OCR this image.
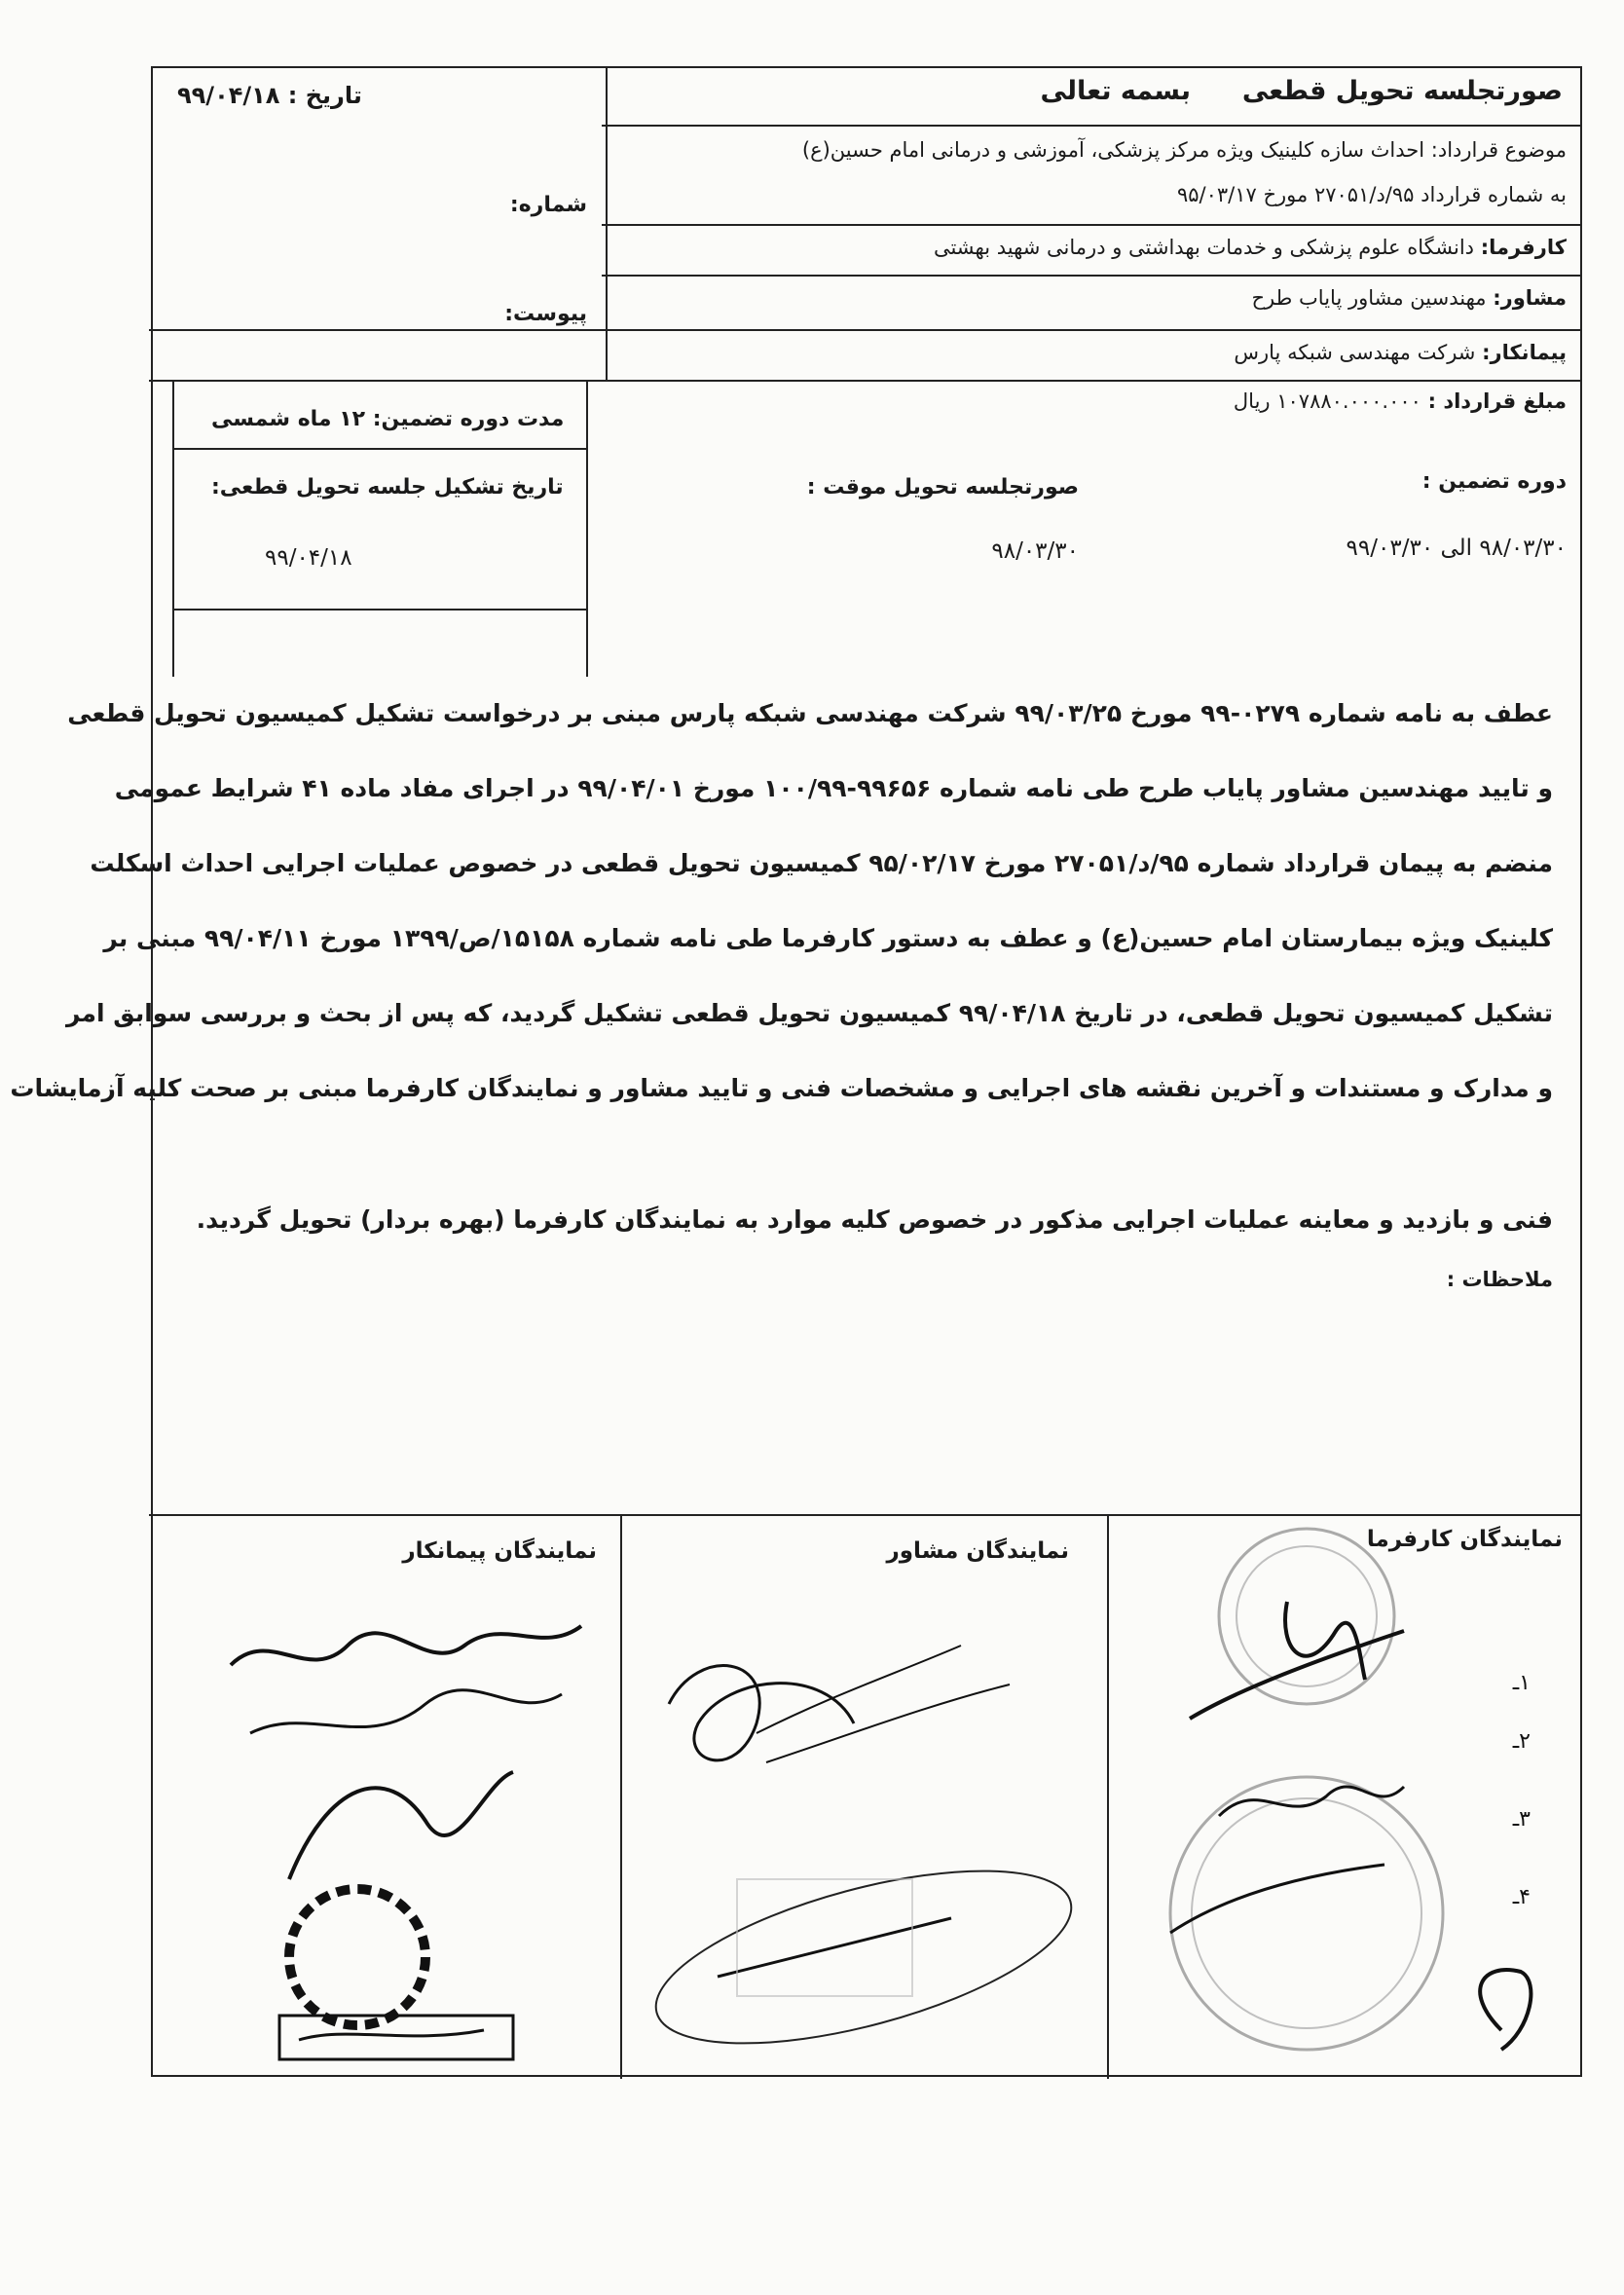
صورتجلسه تحویل قطعی
بسمه تعالی
تاریخ : ۹۹/۰۴/۱۸
شماره:
پیوست:
موضوع قرارداد: احداث سازه کلینیک ویژه مرکز پزشکی، آموزشی و درمانی امام حسین(ع)
به شماره قرارداد ۹۵/د/۲۷۰۵۱ مورخ ۹۵/۰۳/۱۷
کارفرما: دانشگاه علوم پزشکی و خدمات بهداشتی و درمانی شهید بهشتی
مشاور: مهندسین مشاور پایاب طرح
پیمانکار: شرکت مهندسی شبکه پارس
مبلغ قرارداد : ۱۰۷۸۸۰.۰۰۰.۰۰۰ ریال
مدت دوره تضمین: ۱۲ ماه شمسی
دوره تضمین :
۹۸/۰۳/۳۰ الی ۹۹/۰۳/۳۰
صورتجلسه تحویل موقت :
۹۸/۰۳/۳۰
تاریخ تشکیل جلسه تحویل قطعی:
۹۹/۰۴/۱۸
عطف به نامه شماره ۰۲۷۹-۹۹ مورخ ۹۹/۰۳/۲۵ شرکت مهندسی شبکه پارس مبنی بر درخواست تشکیل کمیسیون تحویل قطعی
و تایید مهندسین مشاور پایاب طرح طی نامه شماره ۹۹۶۵۶-۱۰۰/۹۹ مورخ ۹۹/۰۴/۰۱ در اجرای مفاد ماده ۴۱ شرایط عمومی
منضم به پیمان قرارداد شماره ۹۵/د/۲۷۰۵۱ مورخ ۹۵/۰۲/۱۷ کمیسیون تحویل قطعی در خصوص عملیات اجرایی احداث اسکلت
کلینیک ویژه بیمارستان امام حسین(ع) و عطف به دستور کارفرما طی نامه شماره ۱۵۱۵۸/ص/۱۳۹۹ مورخ ۹۹/۰۴/۱۱ مبنی بر
تشکیل کمیسیون تحویل قطعی، در تاریخ ۹۹/۰۴/۱۸ کمیسیون تحویل قطعی تشکیل گردید، که پس از بحث و بررسی سوابق امر
و مدارک و مستندات و آخرین نقشه های اجرایی و مشخصات فنی و تایید مشاور و نمایندگان کارفرما مبنی بر صحت کلیه آزمایشات
فنی و بازدید و معاینه عملیات اجرایی مذکور در خصوص کلیه موارد به نمایندگان کارفرما (بهره بردار) تحویل گردید.
ملاحظات :
نمایندگان کارفرما
نمایندگان مشاور
نمایندگان پیمانکار
۱ـ
۲ـ
۳ـ
۴ـ
